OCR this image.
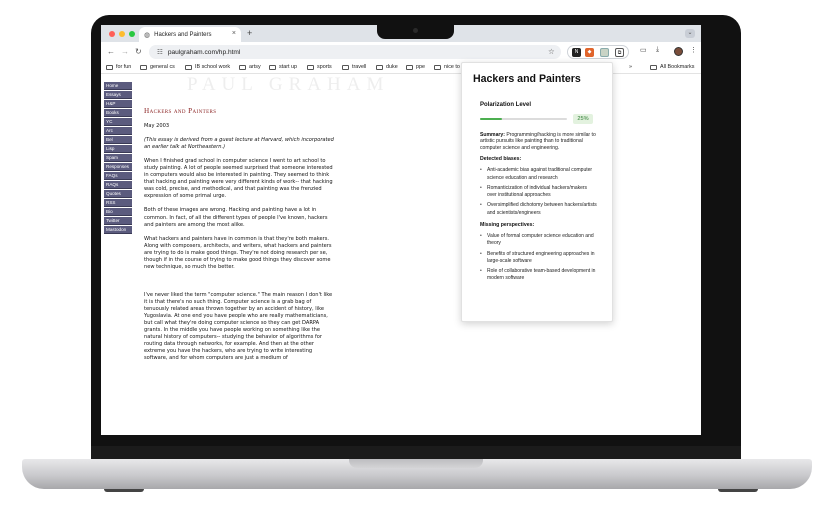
◍ Hackers and Painters	× +	⌄
← → ↻ ☷ paulgraham.com/hp.html	☆	N	◆	⧉	▭ ⤓	⋮
for fun	general cs	IB school work	artsy	start up	sports	travell	duke	ppe	nice to	»	All Bookmarks
PAUL GRAHAM
Home
Essays
H&P
Books
YC
Arc
Bel
Lisp
Spam
Responses
FAQs
RAQs
Quotes
RSS
Bio
Twitter
Mastodon
Hackers and Painters
May 2003
(This essay is derived from a guest lecture at Harvard, which incorporated an earlier talk at Northeastern.)

When I finished grad school in computer science I went to art school to study painting. A lot of people seemed surprised that someone interested in computers would also be interested in painting. They seemed to think that hacking and painting were very different kinds of work-- that hacking was cold, precise, and methodical, and that painting was the frenzied expression of some primal urge.

Both of these images are wrong. Hacking and painting have a lot in common. In fact, of all the different types of people I've known, hackers and painters are among the most alike.

What hackers and painters have in common is that they're both makers. Along with composers, architects, and writers, what hackers and painters are trying to do is make good things. They're not doing research per se, though if in the course of trying to make good things they discover some new technique, so much the better.

I've never liked the term "computer science." The main reason I don't like it is that there's no such thing. Computer science is a grab bag of tenuously related areas thrown together by an accident of history, like Yugoslavia. At one end you have people who are really mathematicians, but call what they're doing computer science so they can get DARPA grants. In the middle you have people working on something like the natural history of computers-- studying the behavior of algorithms for routing data through networks, for example. And then at the other extreme you have the hackers, who are trying to write interesting software, and for whom computers are just a medium of

Hackers and Painters
Polarization Level
25%
Summary: Programming/hacking is more similar to artistic pursuits like painting than to traditional computer science and engineering.
Detected biases:
• Anti-academic bias against traditional computer science education and research
• Romanticization of individual hackers/makers over institutional approaches
• Oversimplified dichotomy between hackers/artists and scientists/engineers
Missing perspectives:
• Value of formal computer science education and theory
• Benefits of structured engineering approaches in large-scale software
• Role of collaborative team-based development in modern software
